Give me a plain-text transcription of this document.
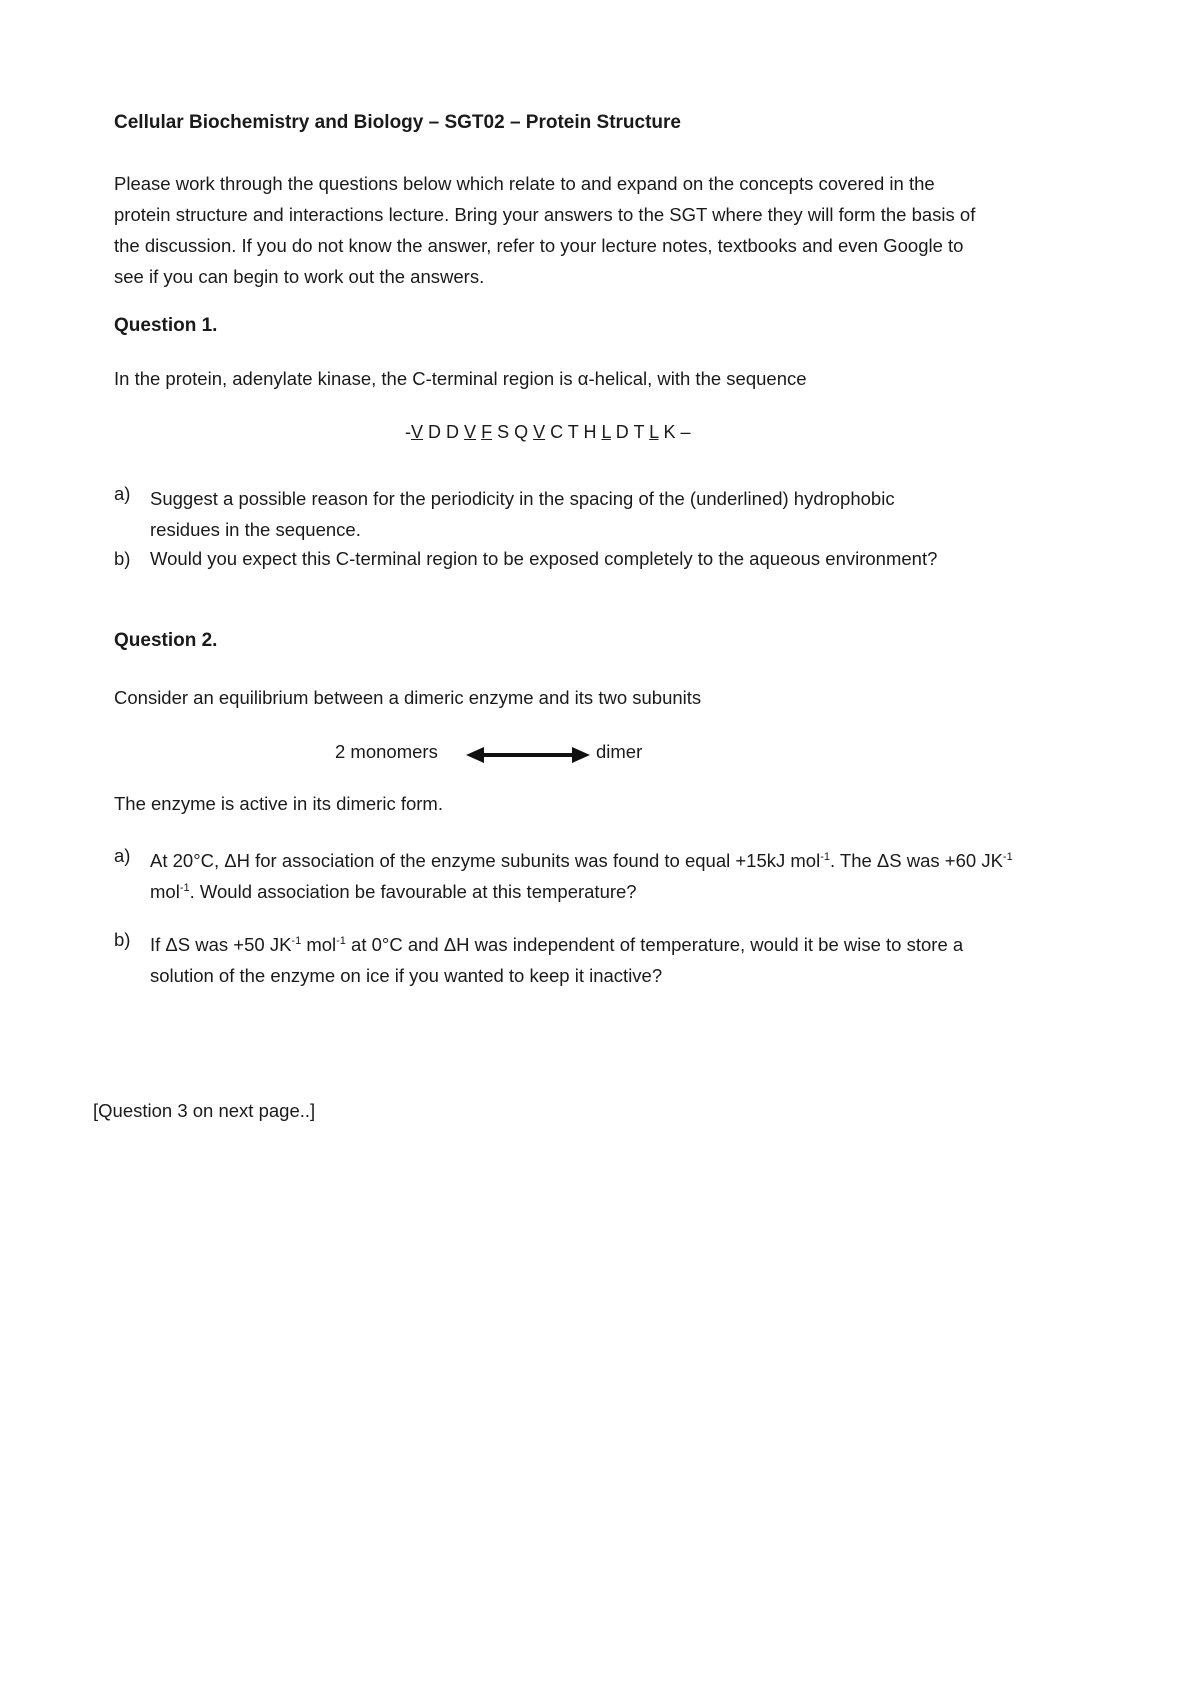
Cellular Biochemistry and Biology – SGT02 – Protein Structure
Please work through the questions below which relate to and expand on the concepts covered in the
protein structure and interactions lecture. Bring your answers to the SGT where they will form the basis of
the discussion. If you do not know the answer, refer to your lecture notes, textbooks and even Google to
see if you can begin to work out the answers.
Question 1.
In the protein, adenylate kinase, the C-terminal region is α-helical, with the sequence
-V D D V F S Q V C T H L D T L K –
a) Suggest a possible reason for the periodicity in the spacing of the (underlined) hydrophobic
residues in the sequence.
b) Would you expect this C-terminal region to be exposed completely to the aqueous environment?
Question 2.
Consider an equilibrium between a dimeric enzyme and its two subunits
2 monomers	dimer
The enzyme is active in its dimeric form.
a) At 20°C, ΔH for association of the enzyme subunits was found to equal +15kJ mol$^{-1}$. The ΔS was +60 $JK^{-1}$
mol$^{-1}$. Would association be favourable at this temperature?
b) If ΔS was +50 $JK^{-1}$ mol$^{-1}$ at 0°C and ΔH was independent of temperature, would it be wise to store a
solution of the enzyme on ice if you wanted to keep it inactive?
[Question 3 on next page..]
